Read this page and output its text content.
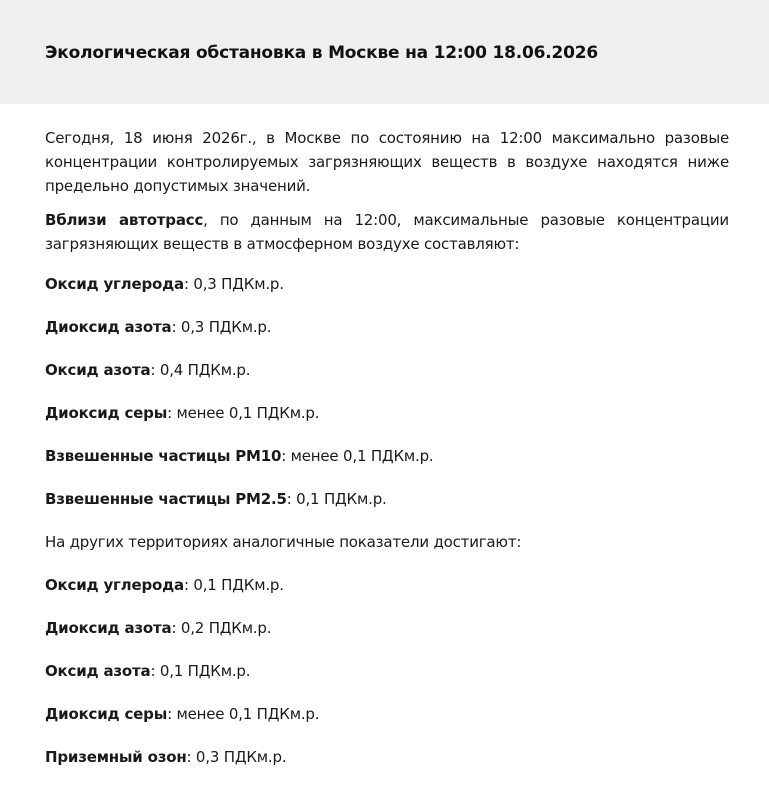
Экологическая обстановка в Москве на 12:00 18.06.2026

Сегодня, 18 июня 2026г., в Москве по состоянию на 12:00 максимально разовые концентрации контролируемых загрязняющих веществ в воздухе находятся ниже предельно допустимых значений.

Вблизи автотрасс, по данным на 12:00, максимальные разовые концентрации загрязняющих веществ в атмосферном воздухе составляют:

Оксид углерода: 0,3 ПДКм.р.

Диоксид азота: 0,3 ПДКм.р.

Оксид азота: 0,4 ПДКм.р.

Диоксид серы: менее 0,1 ПДКм.р.

Взвешенные частицы РМ10: менее 0,1 ПДКм.р.

Взвешенные частицы РМ2.5: 0,1 ПДКм.р.

На других территориях аналогичные показатели достигают:

Оксид углерода: 0,1 ПДКм.р.

Диоксид азота: 0,2 ПДКм.р.

Оксид азота: 0,1 ПДКм.р.

Диоксид серы: менее 0,1 ПДКм.р.

Приземный озон: 0,3 ПДКм.р.
